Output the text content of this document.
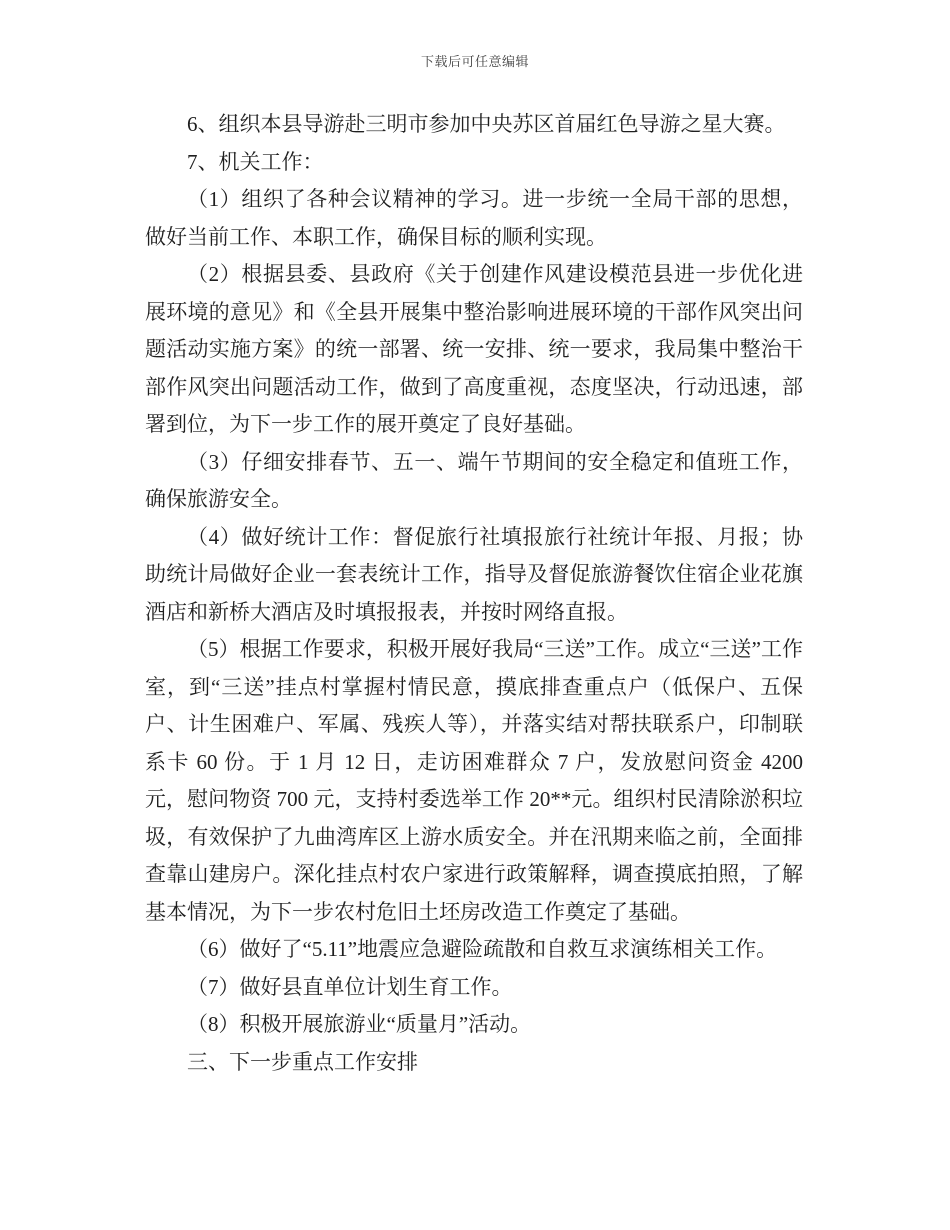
下载后可任意编辑

6、组织本县导游赴三明市参加中央苏区首届红色导游之星大赛。

7、机关工作：

（1）组织了各种会议精神的学习。进一步统一全局干部的思想，做好当前工作、本职工作，确保目标的顺利实现。

（2）根据县委、县政府《关于创建作风建设模范县进一步优化进展环境的意见》和《全县开展集中整治影响进展环境的干部作风突出问题活动实施方案》的统一部署、统一安排、统一要求，我局集中整治干部作风突出问题活动工作，做到了高度重视，态度坚决，行动迅速，部署到位，为下一步工作的展开奠定了良好基础。

（3）仔细安排春节、五一、端午节期间的安全稳定和值班工作，确保旅游安全。

（4）做好统计工作：督促旅行社填报旅行社统计年报、月报；协助统计局做好企业一套表统计工作，指导及督促旅游餐饮住宿企业花旗酒店和新桥大酒店及时填报报表，并按时网络直报。

（5）根据工作要求，积极开展好我局“三送”工作。成立“三送”工作室，到“三送”挂点村掌握村情民意，摸底排查重点户（低保户、五保户、计生困难户、军属、残疾人等），并落实结对帮扶联系户，印制联系卡 60 份。于 1 月 12 日，走访困难群众 7 户，发放慰问资金 4200 元，慰问物资 700 元，支持村委选举工作 20**元。组织村民清除淤积垃圾，有效保护了九曲湾库区上游水质安全。并在汛期来临之前，全面排查靠山建房户。深化挂点村农户家进行政策解释，调查摸底拍照，了解基本情况，为下一步农村危旧土坯房改造工作奠定了基础。

（6）做好了“5.11”地震应急避险疏散和自救互求演练相关工作。

（7）做好县直单位计划生育工作。

（8）积极开展旅游业“质量月”活动。

三、下一步重点工作安排
